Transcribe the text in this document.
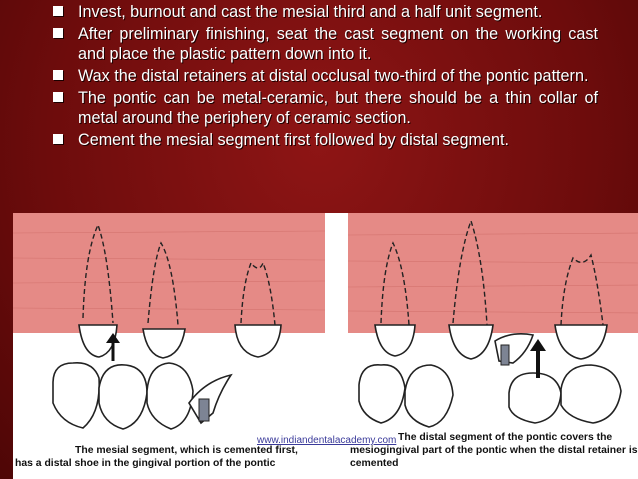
Invest, burnout and cast the mesial third and a half unit segment.
After preliminary finishing, seat the cast segment on the working cast and place the plastic pattern down into it.
Wax the distal retainers at distal occlusal two-third of the pontic pattern.
The pontic can be metal-ceramic, but there should be a thin collar of metal around the periphery of ceramic section.
Cement the mesial segment first followed by distal segment.
The mesial segment, which is cemented first,
has a distal shoe in the gingival portion of the pontic
The distal segment of the pontic covers the
mesiogingival part of the pontic when the distal retainer is
cemented
www.indiandentalacademy.com
